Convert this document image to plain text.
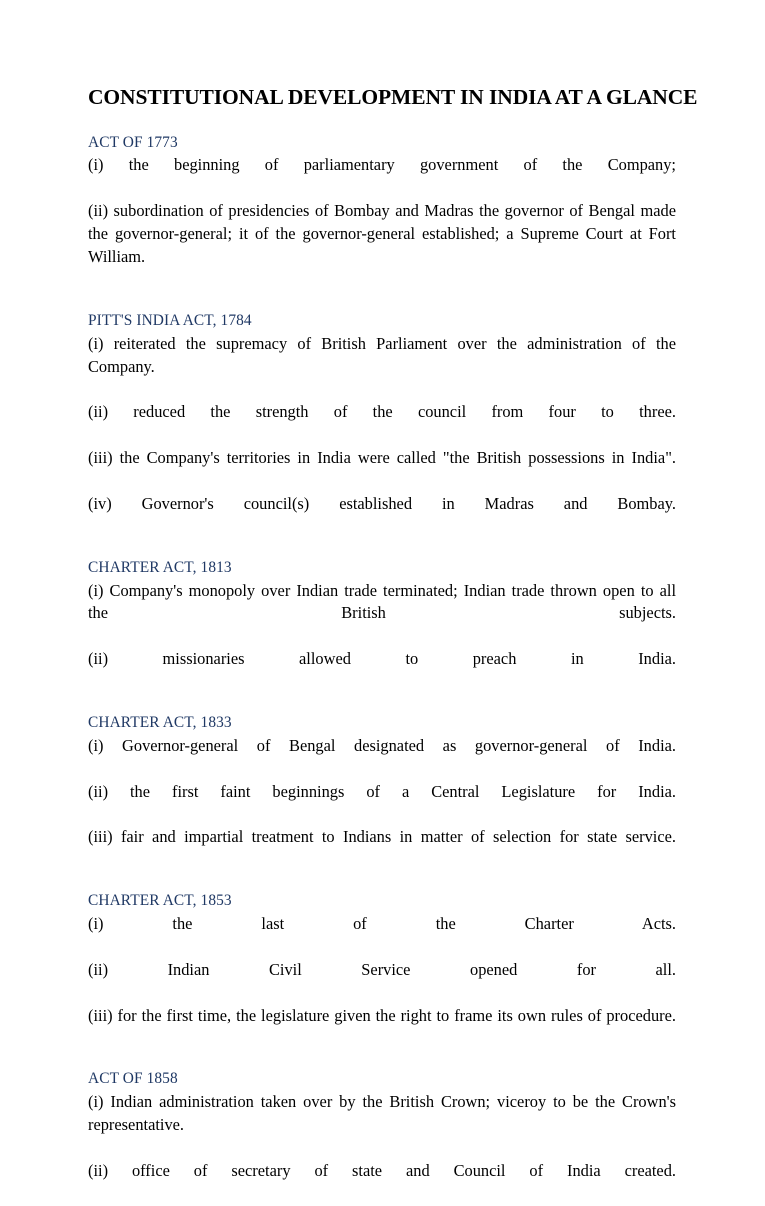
CONSTITUTIONAL DEVELOPMENT IN INDIA AT A GLANCE
ACT OF 1773

(i) the beginning of parliamentary government of the Company;

(ii) subordination of presidencies of Bombay and Madras the governor of Bengal made the governor-general; it of the governor-general established; a Supreme Court at Fort William.

PITT'S INDIA ACT, 1784

(i) reiterated the supremacy of British Parliament over the administration of the Company.

(ii) reduced the strength of the council from four to three.

(iii) the Company's territories in India were called "the British possessions in India".

(iv) Governor's council(s) established in Madras and Bombay.

CHARTER ACT, 1813

(i) Company's monopoly over Indian trade terminated; Indian trade thrown open to all the British subjects.

(ii) missionaries allowed to preach in India.

CHARTER ACT, 1833

(i) Governor-general of Bengal designated as governor-general of India.

(ii) the first faint beginnings of a Central Legislature for India.

(iii) fair and impartial treatment to Indians in matter of selection for state service.

CHARTER ACT, 1853

(i) the last of the Charter Acts.

(ii) Indian Civil Service opened for all.

(iii) for the first time, the legislature given the right to frame its own rules of procedure.

ACT OF 1858

(i) Indian administration taken over by the British Crown; viceroy to be the Crown's representative.

(ii) office of secretary of state and Council of India created.
